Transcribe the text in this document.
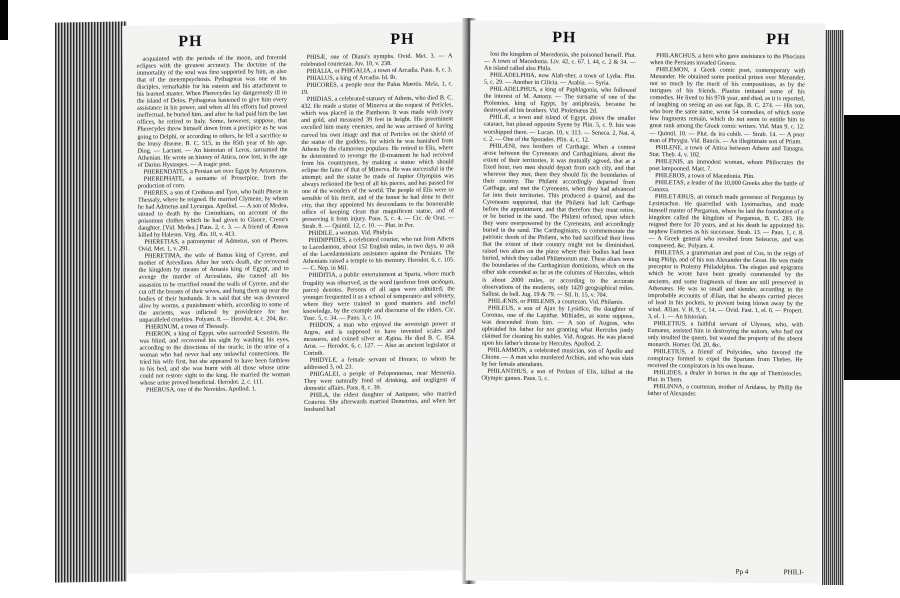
PH	PH

acquainted with the periods of the moon, and foretold eclipses with the greatest accuracy. The doctrine of the immortality of the soul was first supported by him, as also that of the metempsychosis. Pythagoras was one of his disciples, remarkable for his esteem and his attachment to his learned master. When Pherecydes lay dangerously ill in the island of Delos, Pythagoras hastened to give him every assistance in his power, and when all his efforts had proved ineffectual, he buried him, and after he had paid him the last offices, he retired to Italy. Some, however, suppose, that Pherecydes threw himself down from a precipice as he was going to Delphi, or according to others, he fell a sacrifice to the lousy disease, B. C. 515, in the 85th year of his age. Diog. — Lactant. — An historian of Leros, surnamed the Athenian. He wrote an history of Attica, now lost, in the age of Darius Hystaspes. — A tragic poet.

PHERENDATES, a Persian set over Egypt by Artaxerxes.

PHEREPHATE, a surname of Proserpine, from the production of corn.

PHERES, a son of Cretheus and Tyro, who built Pheræ in Thessaly, where he reigned. He married Clymene, by whom he had Admetus and Lycurgus. Apollod. — A son of Medea, stoned to death by the Corinthians, on account of the poisonous clothes which he had given to Glauce, Creon's daughter. [Vid. Medea.] Paus. 2, c. 3. — A friend of Æneas killed by Halesus. Virg. Æn. 10, v. 413.

PHERETIAS, a patronymic of Admetus, son of Pheres. Ovid. Met. 1, v. 291.

PHERETIMA, the wife of Battus king of Cyrene, and mother of Arcesilaus. After her son's death, she recovered the kingdom by means of Amasis king of Egypt, and to avenge the murder of Arcesilaus, she caused all his assassins to be crucified round the walls of Cyrene, and she cut off the breasts of their wives, and hung them up near the bodies of their husbands. It is said that she was devoured alive by worms, a punishment which, according to some of the ancients, was inflicted by providence for her unparalleled cruelties. Polyæn. 8. — Herodot. 4, c. 204, &c.

PHERINUM, a town of Thessaly.

PHERON, a king of Egypt, who succeeded Sesostris. He was blind, and recovered his sight by washing his eyes, according to the directions of the oracle, in the urine of a woman who had never had any unlawful connections. He tried his wife first, but she appeared to have been faithless to his bed, and she was burnt with all those whose urine could not restore sight to the king. He married the woman whose urine proved beneficial. Herodot. 2, c. 111.

PHERUSA, one of the Nereides. Apollod. 1.

PHISÆ, one of Diana's nymphs. Ovid. Met. 3. — A celebrated courtezan. Juv. 10, v. 238.

PHIALIA, or PHIGALIA, a town of Arcadia. Paus. 8, c. 3.

PHIALUS, a king of Arcadia. Id. Ib.

PHICORES, a people near the Palus Mæotis. Mela, 1, c. 19.

PHIDIAS, a celebrated statuary of Athens, who died B. C. 432. He made a statue of Minerva at the request of Pericles, which was placed in the Pantheon. It was made with ivory and gold, and measured 39 feet in height. His preeminent excelled him many enemies, and he was accused of having carved his own image and that of Pericles on the shield of the statue of the goddess, for which he was banished from Athens by the clamorous populace. He retired to Elis, where he determined to revenge the ill-treatment he had received from his countrymen, by making a statue which should eclipse the fame of that of Minerva. He was successful in the attempt; and the statue he made of Jupiter Olympius was always reckoned the best of all his pieces, and has passed for one of the wonders of the world. The people of Elis were so sensible of his merit, and of the honor he had done to their city, that they appointed his descendants to the honourable office of keeping clean that magnificent statue, and of preserving it from injury. Paus. 5, c. 4. — Cic. de Orat. — Strab. 8. — Quintil. 12, c. 10. — Plut. in Per.

PHIDILE, a woman. Vid. Phidyla.

PHIDIPPIDES, a celebrated courier, who ran from Athens to Lacedæmon, about 152 English miles, in two days, to ask of the Lacedæmonians assistance against the Persians. The Athenians raised a temple to his memory. Herodot. 6, c. 105. — C. Nep. in Mil.

PHIDITIA, a public entertainment at Sparta, where much frugality was observed, as the word (φειδιτια from φειδομαι, parco) denotes. Persons of all ages were admitted; the younger frequented it as a school of temperance and sobriety, where they were trained to good manners and useful knowledge, by the example and discourse of the elders. Cic. Tusc. 5, c. 34. — Paus. 3, c. 10.

PHIDON, a man who enjoyed the sovereign power at Argos, and is supposed to have invented scales and measures, and coined silver at Ægina. He died B. C. 854. Arist. — Herodot. 6, c. 127. — Also an ancient legislator at Corinth.

PHIDYLE, a female servant of Horace, to whom he addressed 3, od. 23.

PHIGALEI, a people of Peloponnesus, near Messenia. They were naturally fond of drinking, and negligent of domestic affairs. Paus. 8, c. 39.

PHILA, the eldest daughter of Antipater, who married Craterus. She afterwards married Demetrius, and when her husband had

PH	PH

lost the kingdom of Macedonia, she poisoned herself. Plut. — A town of Macedonia. Liv. 42, c. 67. l. 44, c. 2 & 34. — An island called also Phila.

PHILADELPHIA, now Alah-sher, a town of Lydia. Plin. 5, c. 29. — Another in Cilicia. — Arabia. — Syria.

PHILADELPHUS, a king of Paphlagonia, who followed the interest of M. Antony. — The surname of one of the Ptolemies, king of Egypt, by antiphrasis, because he destroyed all his brothers. Vid. Ptolemæus 2d.

PHILÆ, a town and island of Egypt, above the smaller cataract, but placed opposite Syene by Plin. 5, c. 9. Isis was worshipped there. — Lucan. 10, v. 313. — Seneca. 2, Nat. 4, c. 2. — One of the Sporades. Plin. 4, c. 12.

PHILÆNI, two brothers of Carthage. When a contest arose between the Cyreneans and Carthaginians, about the extent of their territories, it was mutually agreed, that at a fixed hour, two men should depart from each city, and that wherever they met, there they should fix the boundaries of their country. The Philæni accordingly departed from Carthage, and met the Cyreneans, when they had advanced far into their territories. This produced a quarrel, and the Cyreneans supported, that the Philæni had left Carthage before the appointment, and that therefore they must retire, or be buried in the sand. The Philæni refused, upon which they were overpowered by the Cyreneans, and accordingly buried in the sand. The Carthaginians, to commemorate the patriotic deeds of the Philæni, who had sacrificed their lives that the extent of their country might not be diminished, raised two altars on the place where their bodies had been buried, which they called Philænorum aræ. These altars were the boundaries of the Carthaginian dominions, which on the other side extended as far as the columns of Hercules, which is about 2000 miles, or according to the accurate observations of the moderns, only 1420 geographical miles. Sallust. de bell. Jug. 19 & 79. — Sil. It. 15, v. 704.

PHILÆNIS, or PHILENIS, a courtezan. Vid. Philænis.

PHILEUS, a son of Ajax by Lysidice, the daughter of Coronus, one of the Lapithæ. Miltiades, as some suppose, was descended from him. — A son of Augeas, who upbraided his father for not granting what Hercules justly claimed for cleaning his stables. Vid. Augeas. He was placed upon his father's throne by Hercules. Apollod. 2.

PHILAMMON, a celebrated musician, son of Apollo and Chione. — A man who murdered Archias, and who was slain by her female attendants.

PHILANTHUS, a son of Prolaus of Elis, killed at the Olympic games. Paus. 5, c.

PHILARCHUS, a hero who gave assistance to the Phocians when the Persians invaded Greece.

PHILEMON, a Greek comic poet, contemporary with Menander. He obtained some poetical prizes over Menander, not so much by the merit of his compositions, as by the intrigues of his friends. Plautus imitated some of his comedies. He lived to his 97th year, and died, as it is reported, of laughing on seeing an ass eat figs, B. C. 274. — His son, who bore the same name, wrote 54 comedies, of which some few fragments remain, which do not seem to entitle him to great rank among the Greek comic writers. Vid. Man 9, c. 12. — Quintil. 10. — Plut. de ira cohib. — Strab. 14. — A poor man of Phrygia. Vid. Baucis. — An illegitimate son of Priam.

PHILENE, a town of Attica between Athens and Tanagra. Stat. Theb. 4, v. 102.

PHILENIS, an immodest woman, whom Philocrates the poet lampooned. Mart. 7.

PHILEROS, a town of Macedonia. Plin.

PHILETAS, a leader of the 10,000 Greeks after the battle of Cunaxa.

PHILETÆRUS, an eunuch made governor of Pergamus by Lysimachus. He quarrelled with Lysimachus, and made himself master of Pergamus, where he laid the foundation of a kingdom called the kingdom of Pergamus, B. C. 283. He reigned there for 20 years, and at his death he appointed his nephew Eumenes as his successor. Strab. 13. — Paus. 1, c. 8. — A Greek general who revolted from Seleucus, and was conquered, &c. Polyæn. 4.

PHILETAS, a grammarian and poet of Cos, in the reign of king Philip, and of his son Alexander the Great. He was made preceptor to Ptolemy Philadelphus. The elegies and epigrams which he wrote have been greatly commended by the ancients, and some fragments of them are still preserved in Athenæus. He was so small and slender, according to the improbable accounts of Ælian, that he always carried pieces of lead in his pockets, to prevent being blown away by the wind. Ælian. V. H. 9, c. 14. — Ovid. Fast. 1, el. 6. — Propert. 3, el. 1. — An historian.

PHILETIUS, a faithful servant of Ulysses, who, with Eumæus, assisted him in destroying the suitors, who had not only insulted the queen, but wasted the property of the absent monarch. Homer. Od. 20, &c.

PHILETIUS, a friend of Polycides, who favored the conspiracy formed to expel the Spartans from Thebes. He received the conspirators in his own house.

PHILIDES, a dealer in horses in the age of Themistocles. Plut. in Them.

PHILINNA, a courtezan, mother of Aridæus, by Philip the father of Alexander.

Pp 4	PHILI-
